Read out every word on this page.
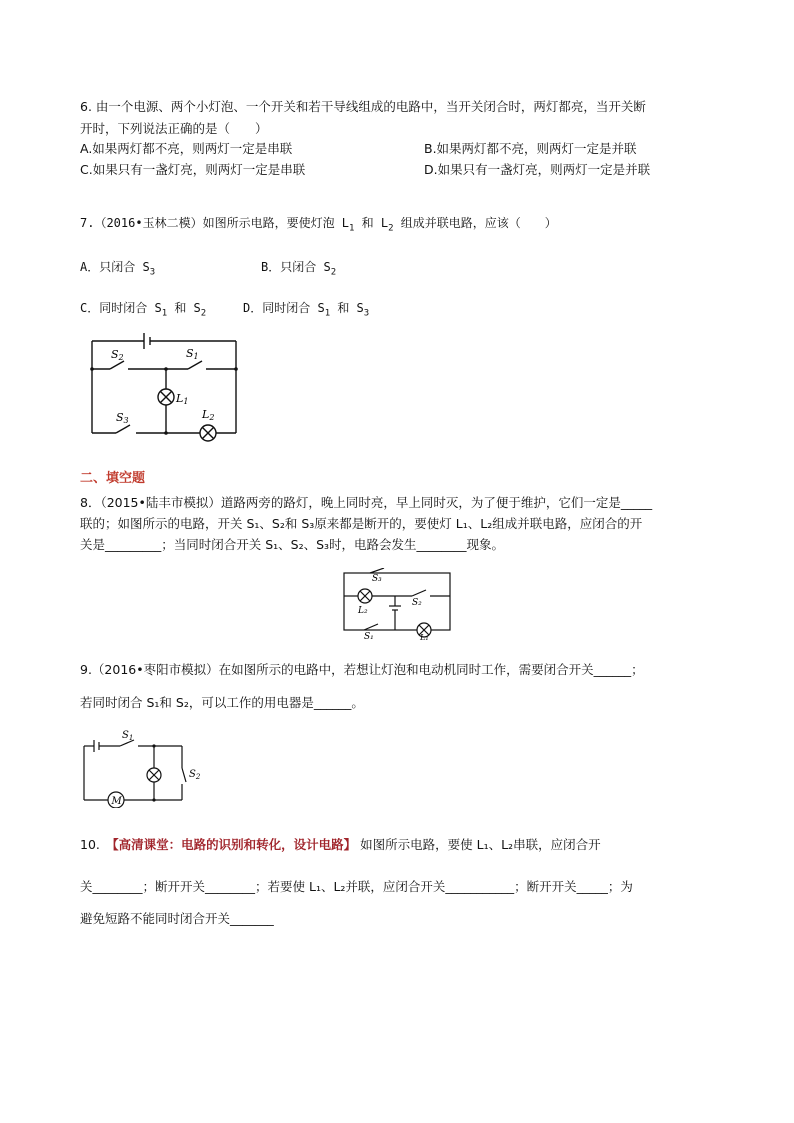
6. 由一个电源、两个小灯泡、一个开关和若干导线组成的电路中，当开关闭合时，两灯都亮，当开关断
开时，下列说法正确的是（　　）
A.如果两灯都不亮，则两灯一定是串联	B.如果两灯都不亮，则两灯一定是并联
C.如果只有一盏灯亮，则两灯一定是串联	D.如果只有一盏灯亮，则两灯一定是并联
7.（2016•玉林二模）如图所示电路，要使灯泡 $L_1$ 和 $L_2$ 组成并联电路，应该（　　）
A．只闭合 $S_3$	B．只闭合 $S_2$
C．同时闭合 $S_1$ 和 $S_2$	D．同时闭合 $S_1$ 和 $S_3$
S2	S1
L1
S3	L2
二、填空题
8．（2015•陆丰市模拟）道路两旁的路灯，晚上同时亮，早上同时灭，为了便于维护，它们一定是_____
联的；如图所示的电路，开关 S₁、S₂和 S₃原来都是断开的，要使灯 L₁、L₂组成并联电路，应闭合的开
关是_________；当同时闭合开关 S₁、S₂、S₃时，电路会发生________现象。
S₃
S₂
L₂
S₁	L₁
9.（2016•枣阳市模拟）在如图所示的电路中，若想让灯泡和电动机同时工作，需要闭合开关______；
若同时闭合 S₁和 S₂，可以工作的用电器是______。
$S_1$
$S_2$
M
10.　 【高清课堂：电路的识别和转化，设计电路】 如图所示电路，要使 L₁、L₂串联，应闭合开
关________；断开开关________；若要使 L₁、L₂并联，应闭合开关___________；断开开关_____；为
避免短路不能同时闭合开关_______
